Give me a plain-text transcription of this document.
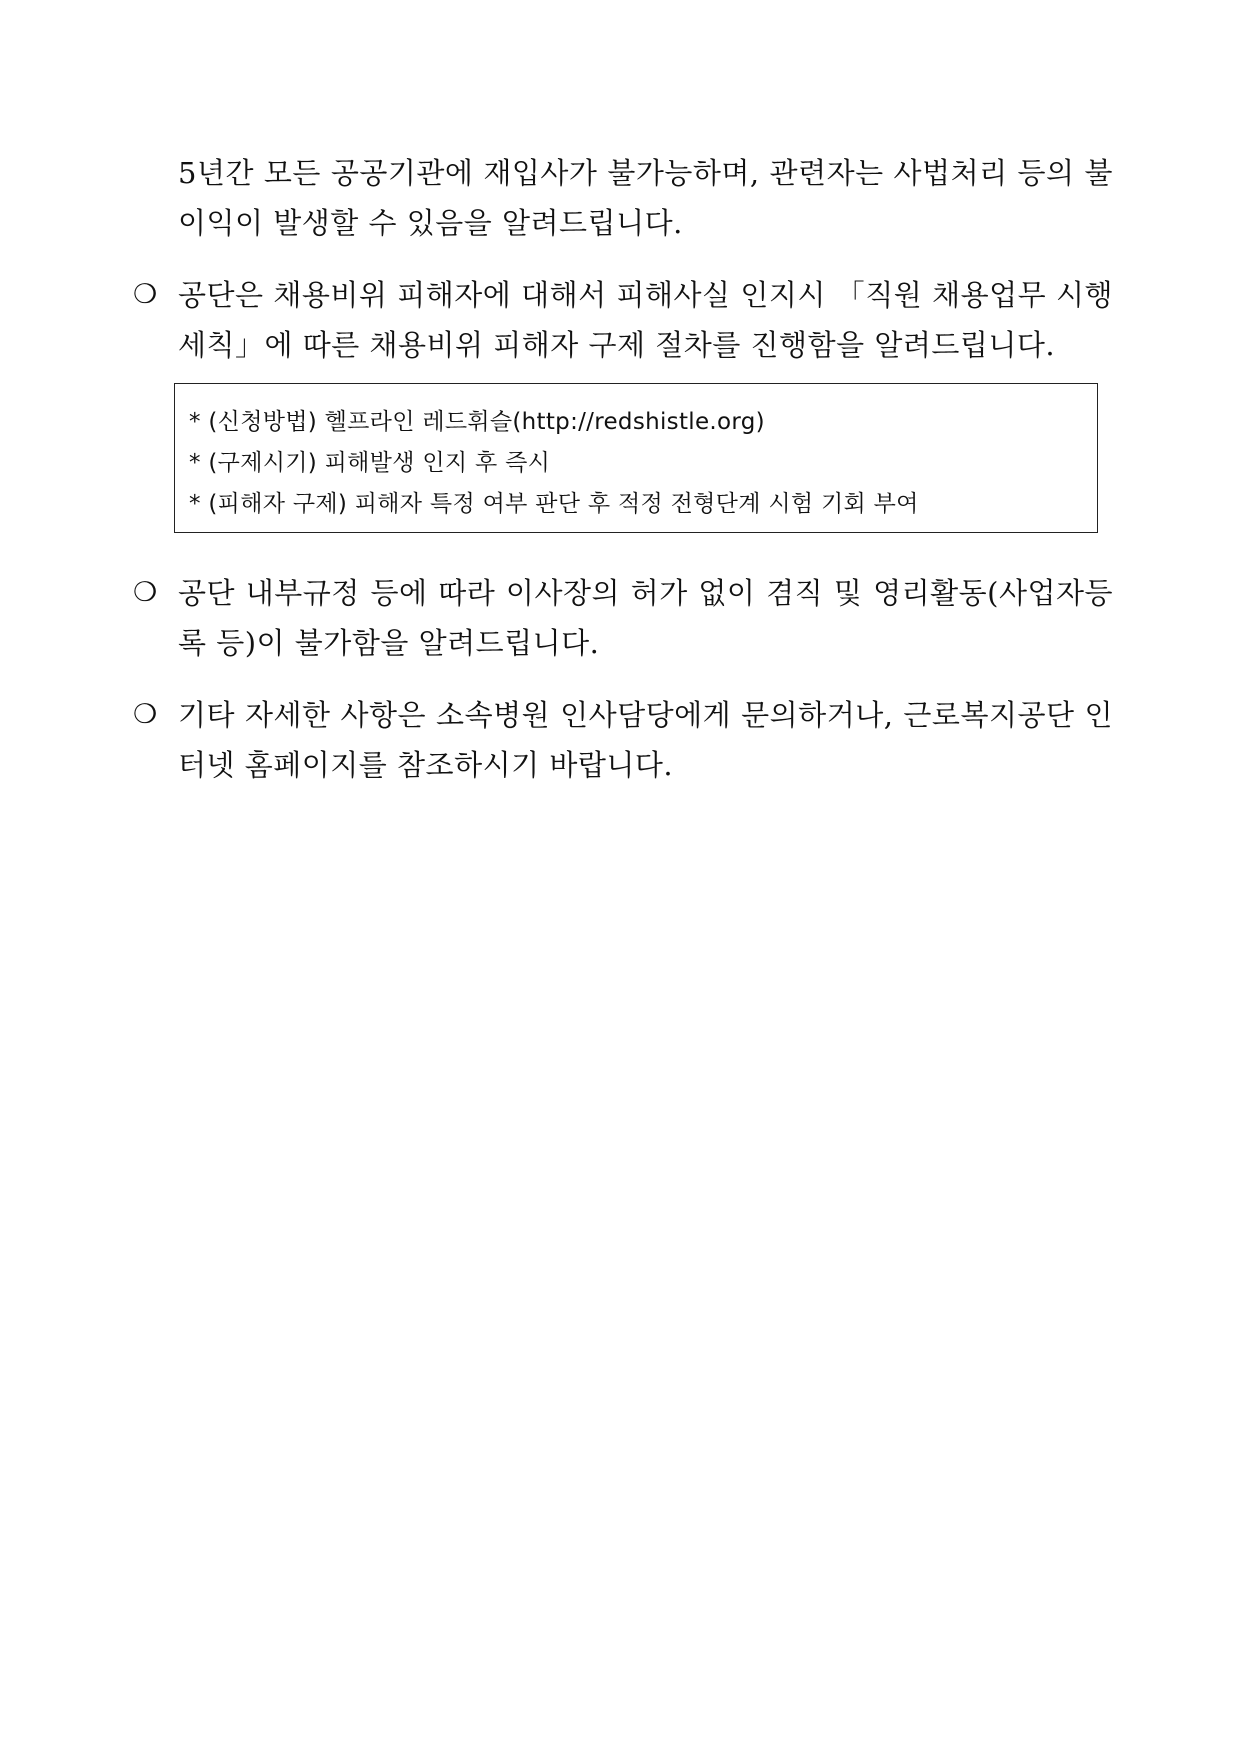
5년간 모든 공공기관에 재입사가 불가능하며, 관련자는 사법처리 등의 불이익이 발생할 수 있음을 알려드립니다.
❍ 공단은 채용비위 피해자에 대해서 피해사실 인지시 「직원 채용업무 시행세칙」에 따른 채용비위 피해자 구제 절차를 진행함을 알려드립니다.
* (신청방법) 헬프라인 레드휘슬(http://redshistle.org)
* (구제시기) 피해발생 인지 후 즉시
* (피해자 구제) 피해자 특정 여부 판단 후 적정 전형단계 시험 기회 부여
❍ 공단 내부규정 등에 따라 이사장의 허가 없이 겸직 및 영리활동(사업자등록 등)이 불가함을 알려드립니다.
❍ 기타 자세한 사항은 소속병원 인사담당에게 문의하거나, 근로복지공단 인터넷 홈페이지를 참조하시기 바랍니다.
